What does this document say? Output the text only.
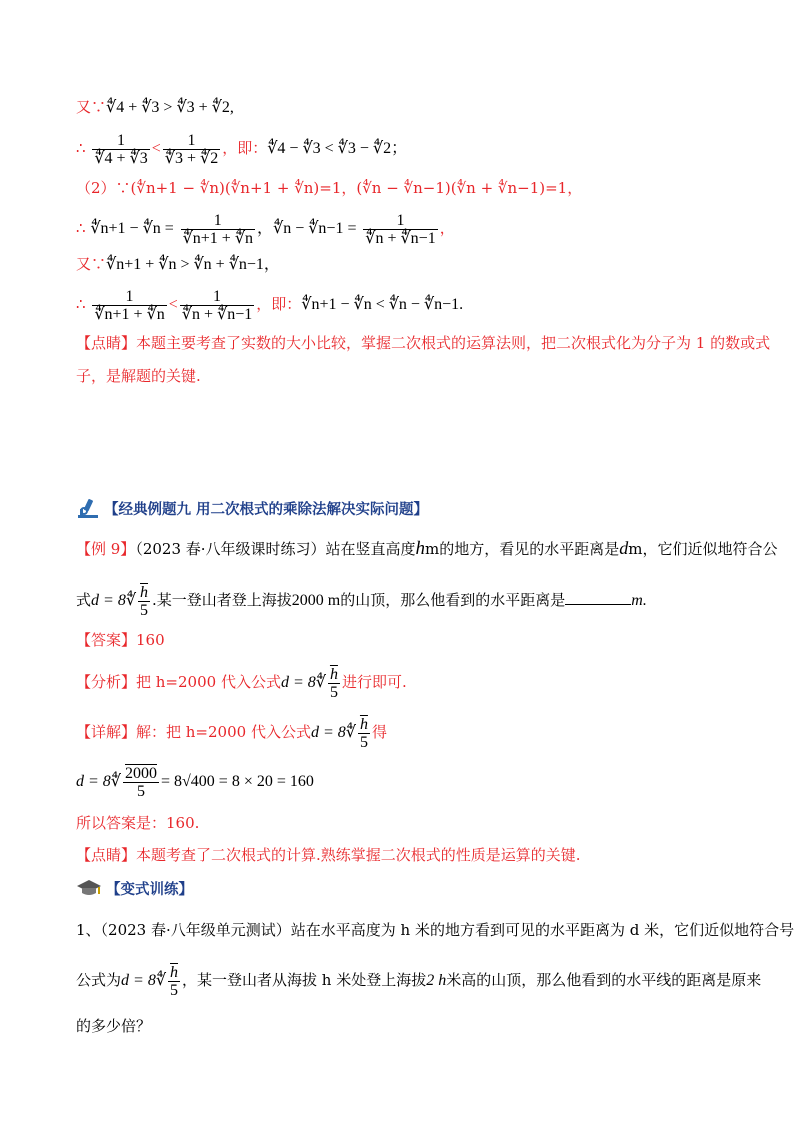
又∵∜4 + ∜3 > ∜3 + ∜2,
∴ $\frac{1}{∜4 + ∜3} < \frac{1}{∜3 + ∜2}$ ，即：∜4 − ∜3 < ∜3 − ∜2；
（2）∵(∜n+1 − ∜n)(∜n+1 + ∜n)=1，(∜n − ∜n−1)(∜n + ∜n−1)=1，
∴ ∜n+1 − ∜n = $\frac{1}{∜n+1 + ∜n}$ ，∜n − ∜n−1 = $\frac{1}{∜n + ∜n-1}$ ，
又∵∜n+1 + ∜n > ∜n + ∜n−1，
∴ $\frac{1}{∜n+1 + ∜n} < \frac{1}{∜n + ∜n-1}$ ，即：∜n+1 − ∜n < ∜n − ∜n−1.
【点睛】本题主要考查了实数的大小比较，掌握二次根式的运算法则，把二次根式化为分子为 1 的数或式
子，是解题的关键.
【经典例题九 用二次根式的乘除法解决实际问题】
【例 9】（2023 春·八年级课时练习）站在竖直高度hm的地方，看见的水平距离是dm，它们近似地符合公
式d = 8∜ $\frac{h}{5}$ .某一登山者登上海拔2000 m的山顶，那么他看到的水平距离是	m.
【答案】160
【分析】把 h=2000 代入公式d = 8∜ $\frac{h}{5}$ 进行即可.
【详解】解：把 h=2000 代入公式d = 8∜ $\frac{h}{5}$ 得
d = 8∜ $\frac{2000}{5} = 8√400 = 8 \times 20 = 160$
所以答案是：160.
【点睛】本题考查了二次根式的计算.熟练掌握二次根式的性质是运算的关键.
【变式训练】
1、（2023 春·八年级单元测试）站在水平高度为 h 米的地方看到可见的水平距离为 d 米，它们近似地符合号
公式为d = 8∜ $\frac{h}{5}$ ，某一登山者从海拔 h 米处登上海拔2 h米高的山顶，那么他看到的水平线的距离是原来
的多少倍？
